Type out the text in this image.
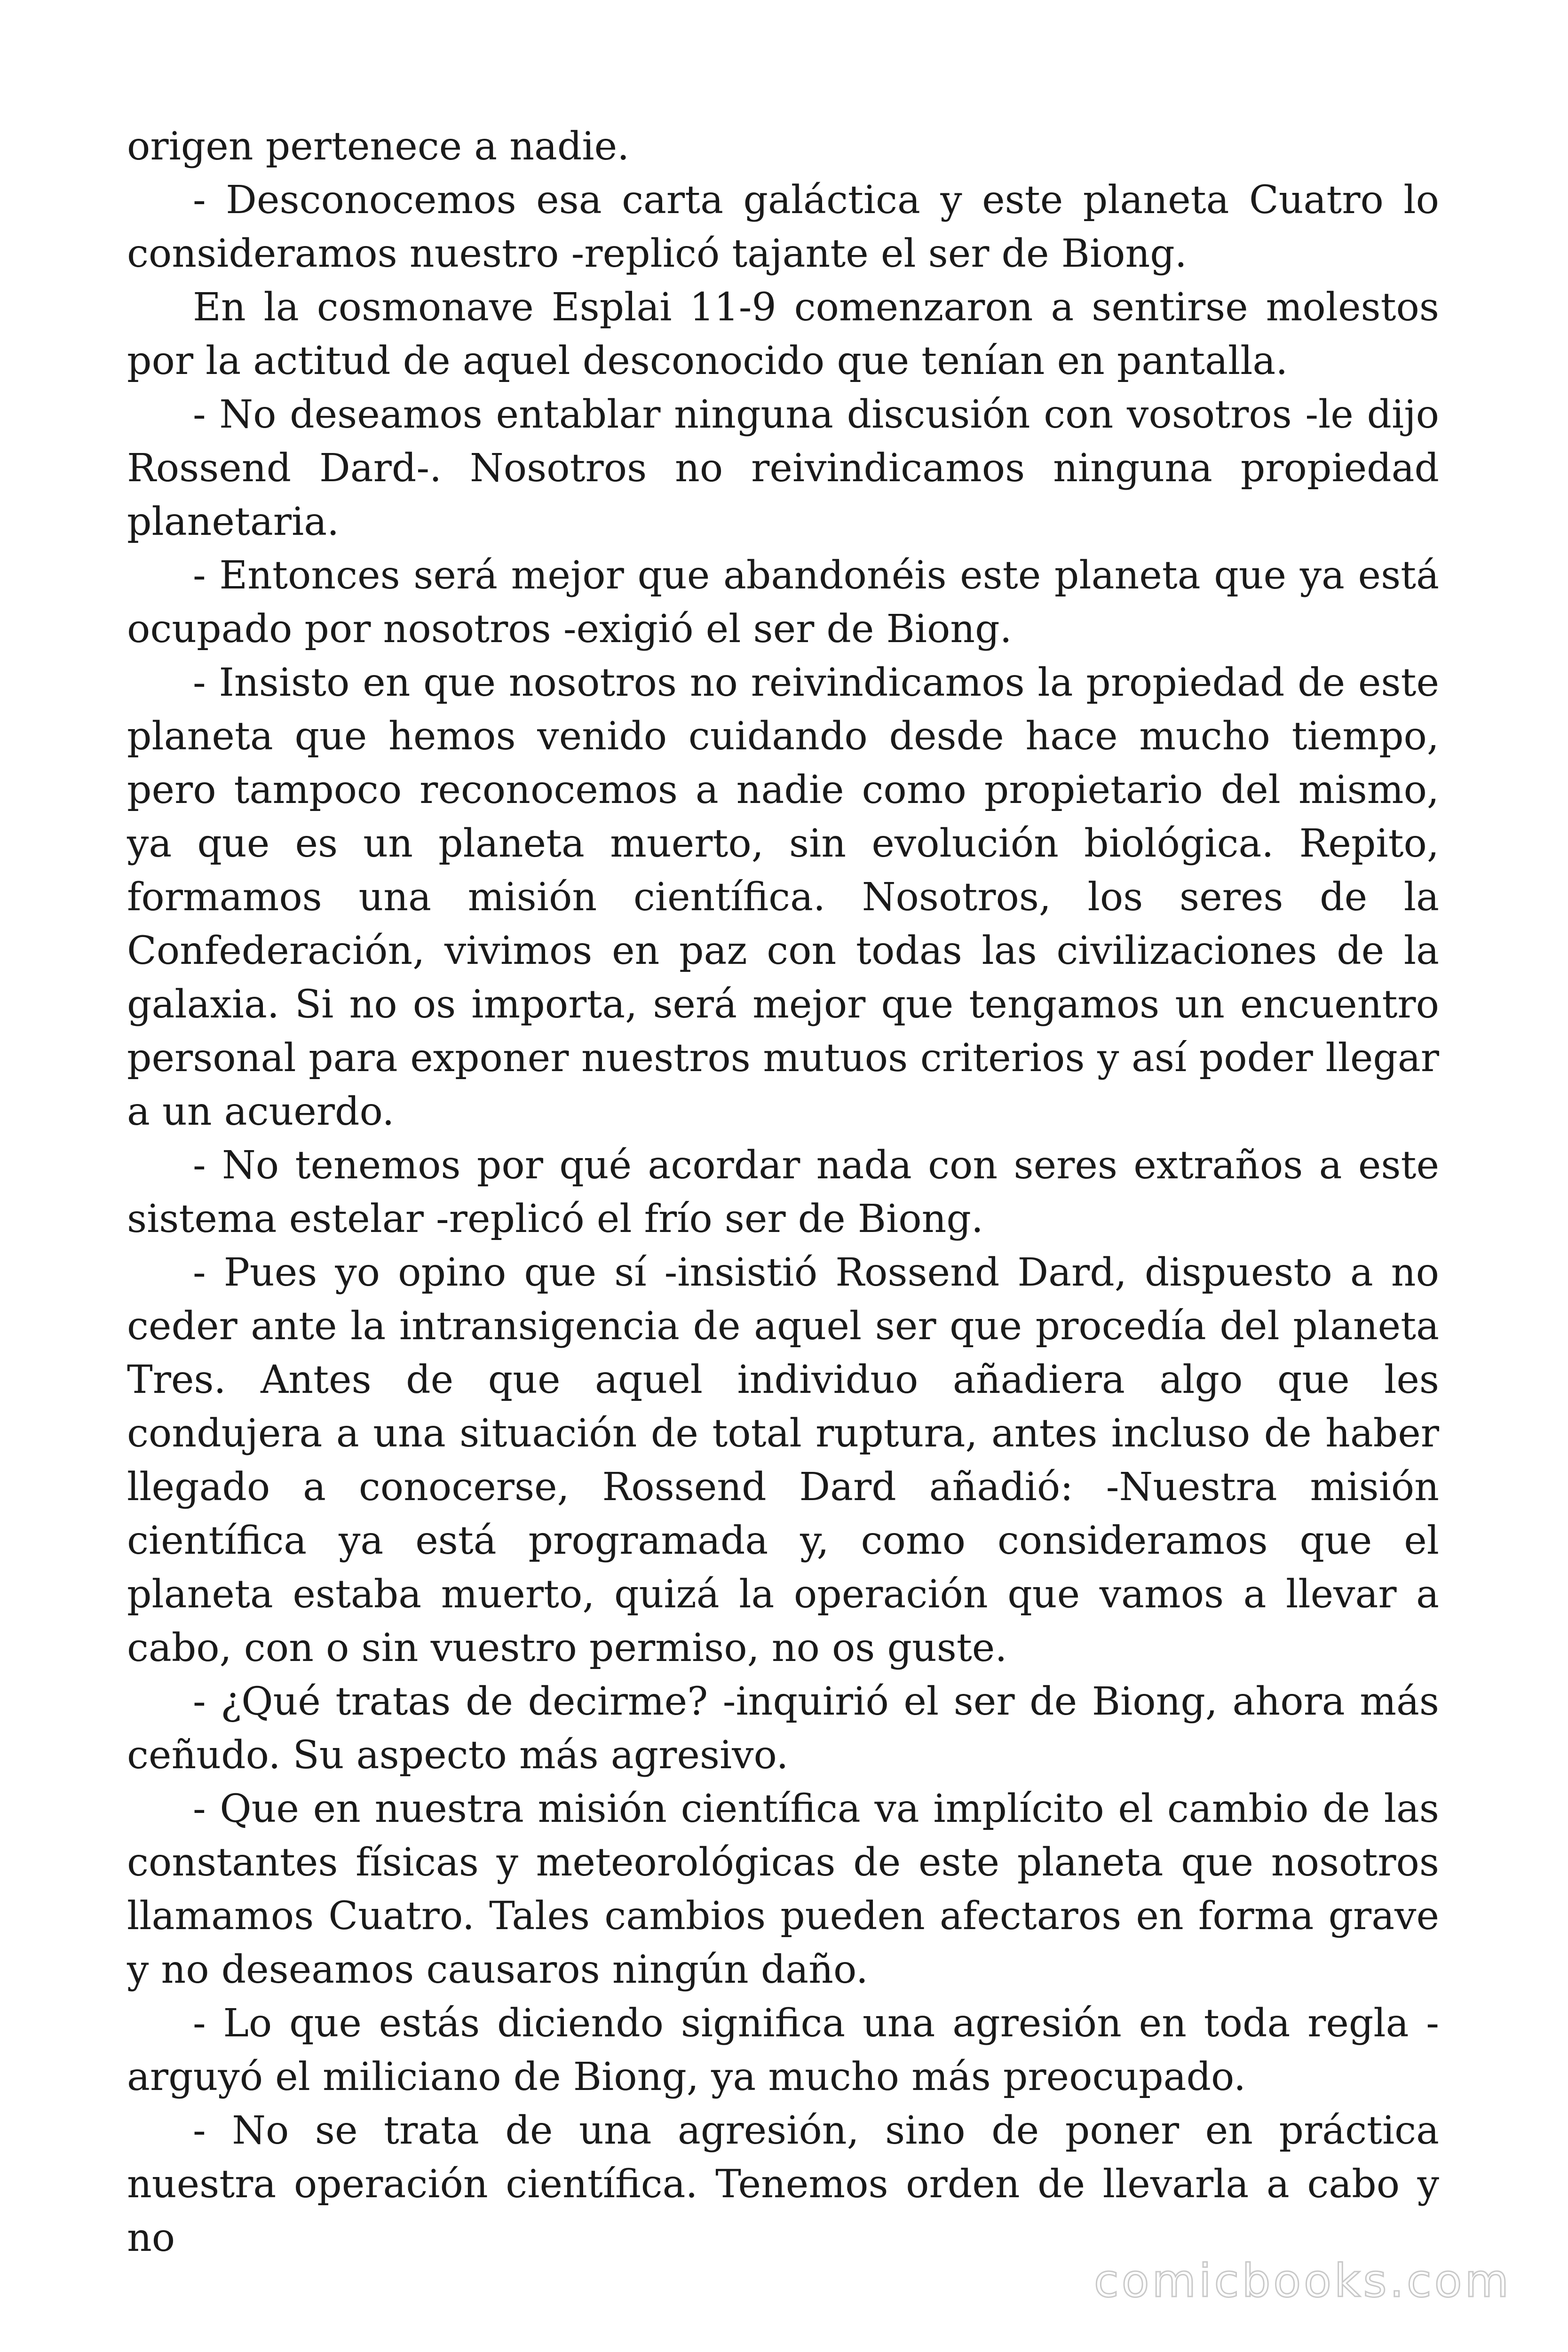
origen pertenece a nadie.

- Desconocemos esa carta galáctica y este planeta Cuatro lo consideramos nuestro -replicó tajante el ser de Biong.

En la cosmonave Esplai 11-9 comenzaron a sentirse molestos por la actitud de aquel desconocido que tenían en pantalla.

- No deseamos entablar ninguna discusión con vosotros -le dijo Rossend Dard-. Nosotros no reivindicamos ninguna propiedad planetaria.

- Entonces será mejor que abandonéis este planeta que ya está ocupado por nosotros -exigió el ser de Biong.

- Insisto en que nosotros no reivindicamos la propiedad de este planeta que hemos venido cuidando desde hace mucho tiempo, pero tampoco reconocemos a nadie como propietario del mismo, ya que es un planeta muerto, sin evolución biológica. Repito, formamos una misión científica. Nosotros, los seres de la Confederación, vivimos en paz con todas las civilizaciones de la galaxia. Si no os importa, será mejor que tengamos un encuentro personal para exponer nuestros mutuos criterios y así poder llegar a un acuerdo.

- No tenemos por qué acordar nada con seres extraños a este sistema estelar -replicó el frío ser de Biong.

- Pues yo opino que sí -insistió Rossend Dard, dispuesto a no ceder ante la intransigencia de aquel ser que procedía del planeta Tres. Antes de que aquel individuo añadiera algo que les condujera a una situación de total ruptura, antes incluso de haber llegado a conocerse, Rossend Dard añadió: -Nuestra misión científica ya está programada y, como consideramos que el planeta estaba muerto, quizá la operación que vamos a llevar a cabo, con o sin vuestro permiso, no os guste.

- ¿Qué tratas de decirme? -inquirió el ser de Biong, ahora más ceñudo. Su aspecto más agresivo.

- Que en nuestra misión científica va implícito el cambio de las constantes físicas y meteorológicas de este planeta que nosotros llamamos Cuatro. Tales cambios pueden afectaros en forma grave y no deseamos causaros ningún daño.

- Lo que estás diciendo significa una agresión en toda regla - arguyó el miliciano de Biong, ya mucho más preocupado.

- No se trata de una agresión, sino de poner en práctica nuestra operación científica. Tenemos orden de llevarla a cabo y no

comicbooks.com
